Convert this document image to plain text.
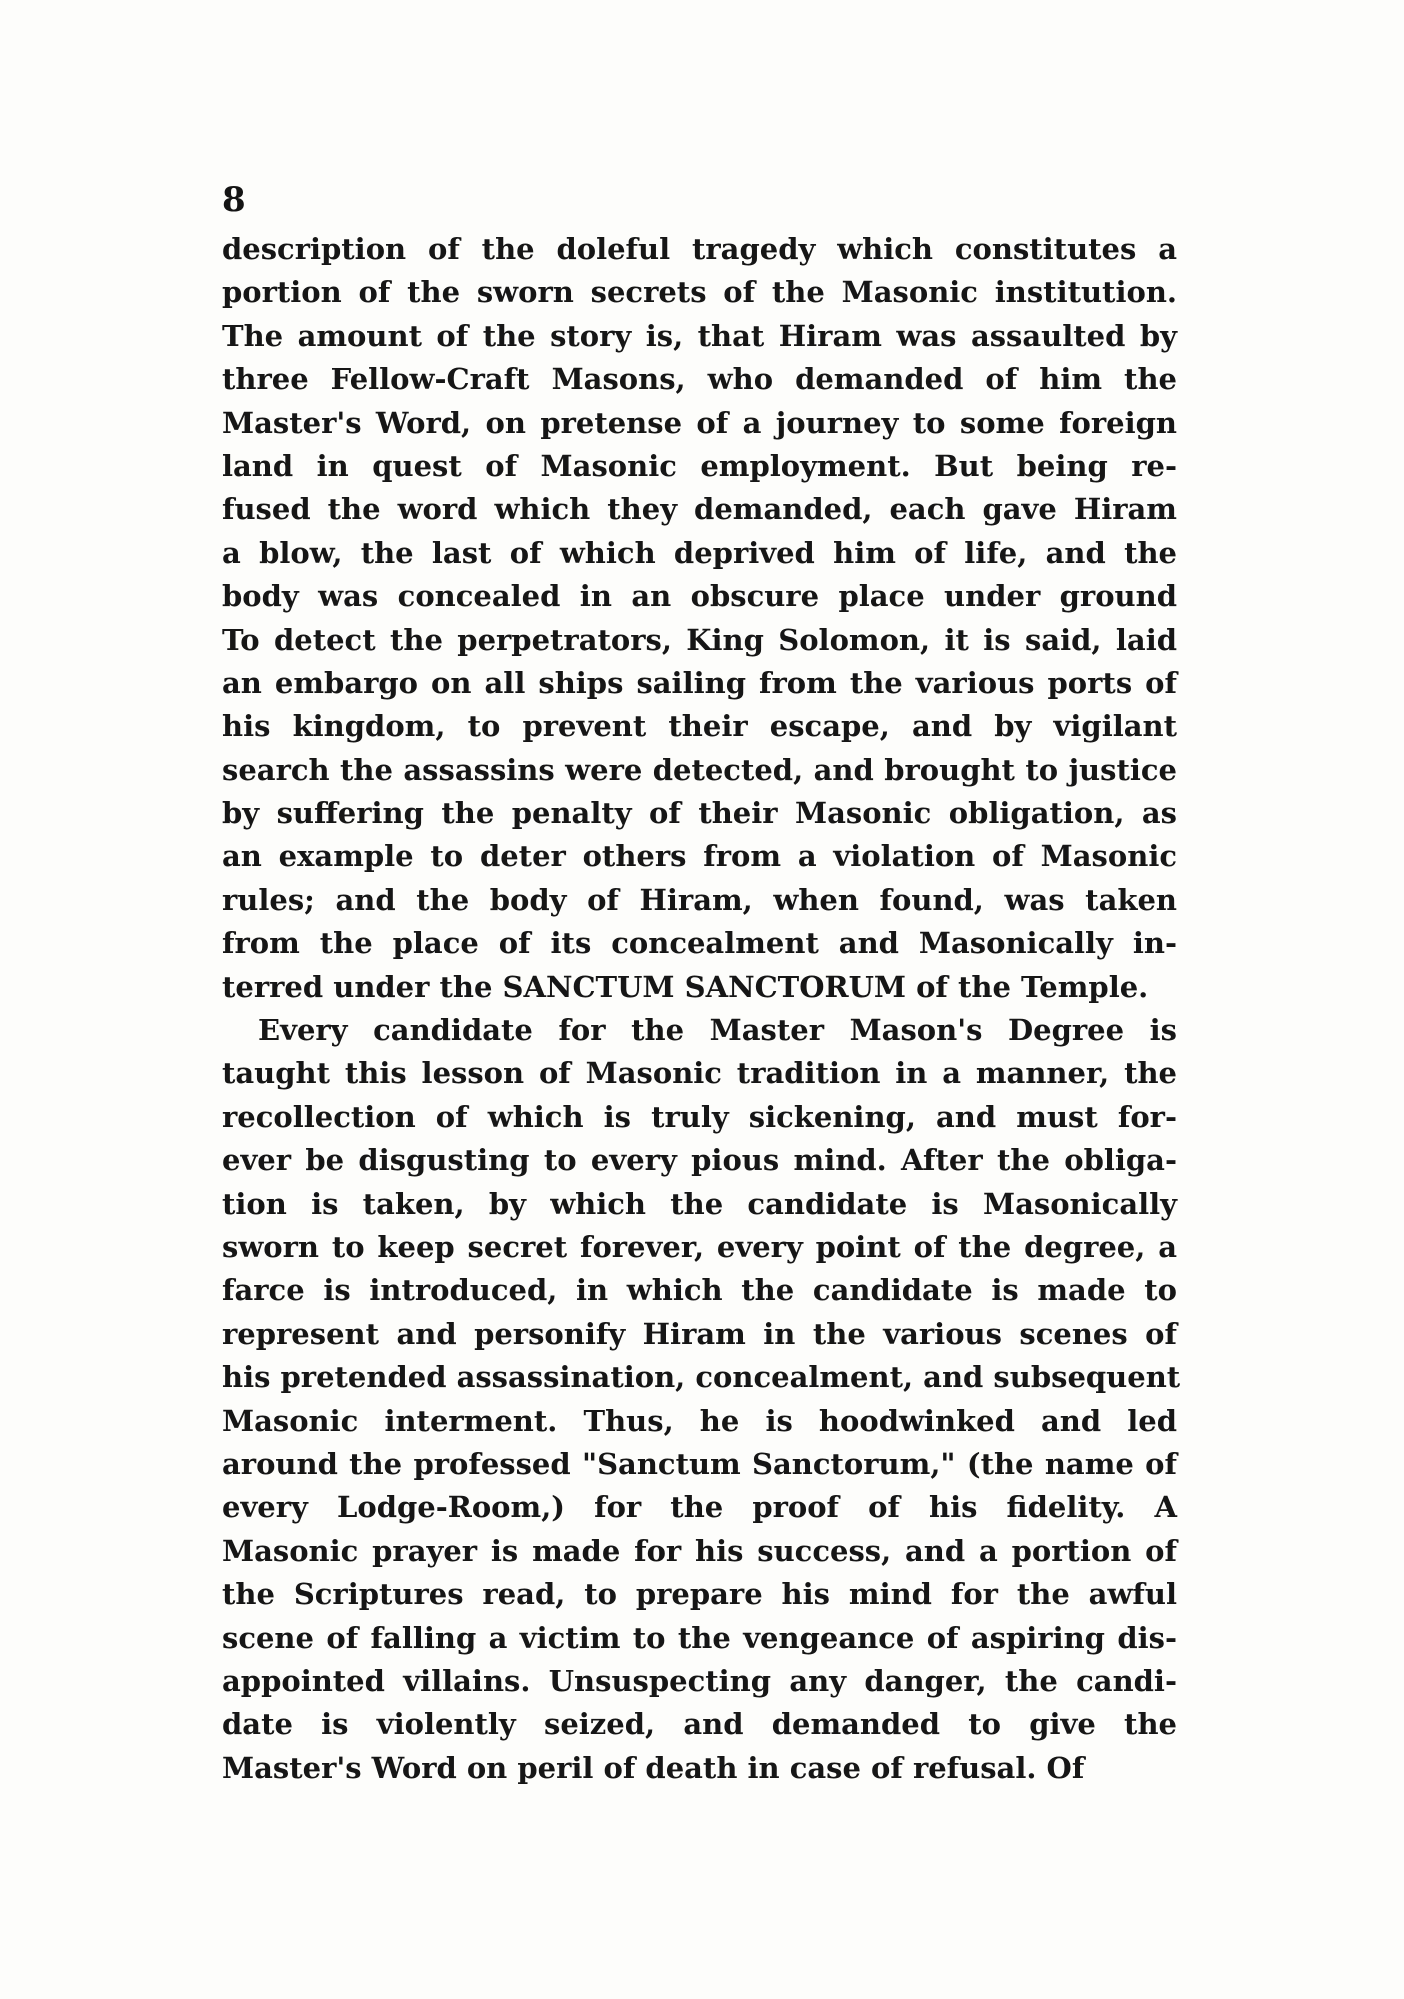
8
description of the doleful tragedy which constitutes a
portion of the sworn secrets of the Masonic institution.
The amount of the story is, that Hiram was assaulted by
three Fellow-Craft Masons, who demanded of him the
Master's Word, on pretense of a journey to some foreign
land in quest of Masonic employment. But being re-
fused the word which they demanded, each gave Hiram
a blow, the last of which deprived him of life, and the
body was concealed in an obscure place under ground
To detect the perpetrators, King Solomon, it is said, laid
an embargo on all ships sailing from the various ports of
his kingdom, to prevent their escape, and by vigilant
search the assassins were detected, and brought to justice
by suffering the penalty of their Masonic obligation, as
an example to deter others from a violation of Masonic
rules; and the body of Hiram, when found, was taken
from the place of its concealment and Masonically in-
terred under the SANCTUM SANCTORUM of the Temple.
Every candidate for the Master Mason's Degree is
taught this lesson of Masonic tradition in a manner, the
recollection of which is truly sickening, and must for-
ever be disgusting to every pious mind. After the obliga-
tion is taken, by which the candidate is Masonically
sworn to keep secret forever, every point of the degree, a
farce is introduced, in which the candidate is made to
represent and personify Hiram in the various scenes of
his pretended assassination, concealment, and subsequent
Masonic interment. Thus, he is hoodwinked and led
around the professed "Sanctum Sanctorum," (the name of
every Lodge-Room,) for the proof of his fidelity. A
Masonic prayer is made for his success, and a portion of
the Scriptures read, to prepare his mind for the awful
scene of falling a victim to the vengeance of aspiring dis-
appointed villains. Unsuspecting any danger, the candi-
date is violently seized, and demanded to give the
Master's Word on peril of death in case of refusal. Of
